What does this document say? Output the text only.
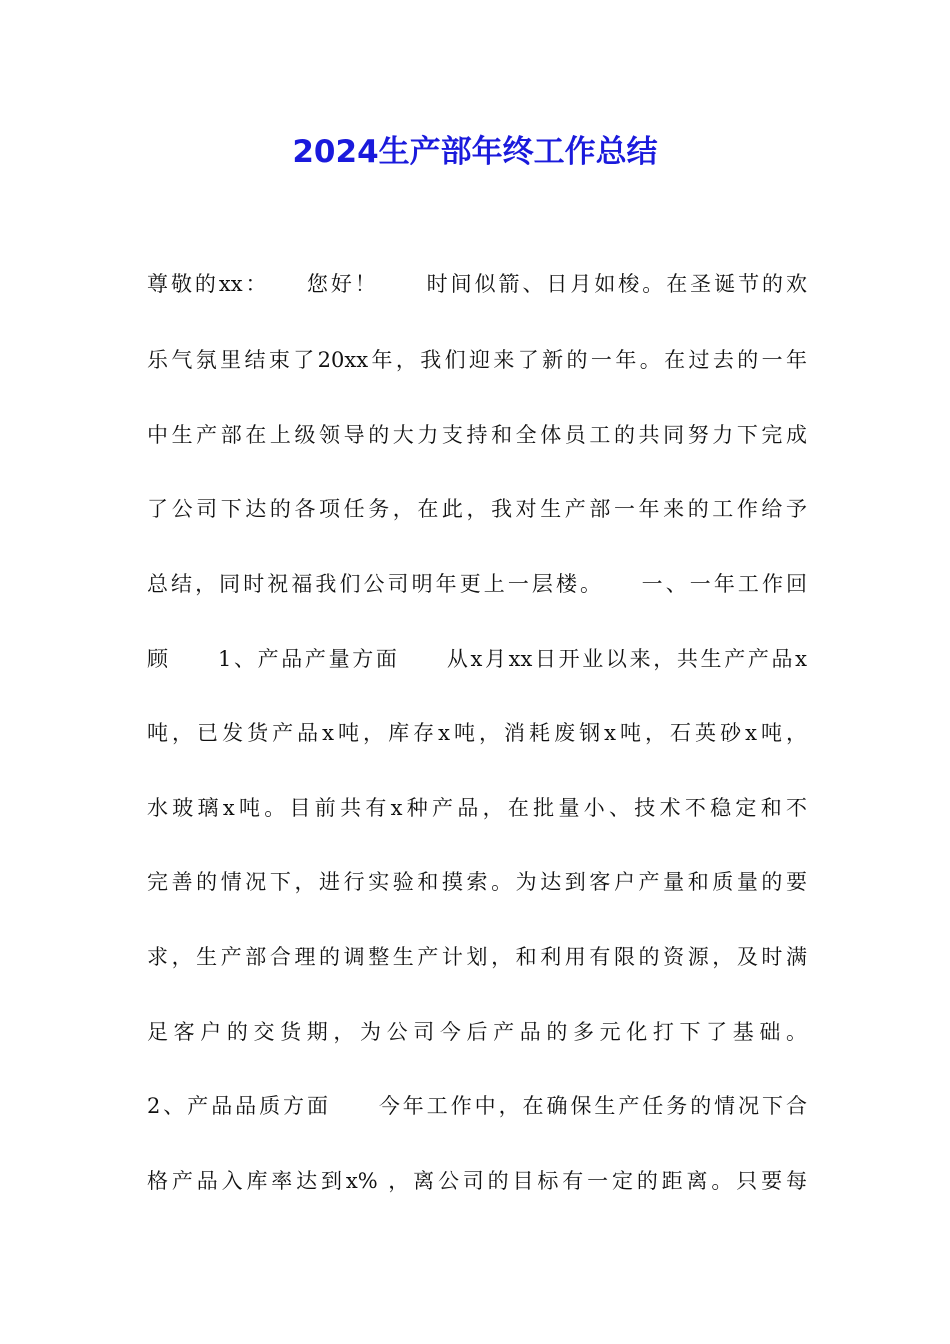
2024生产部年终工作总结
尊敬的xx：　　您好！　　时间似箭、日月如梭。在圣诞节的欢
乐气氛里结束了20xx年，我们迎来了新的一年。在过去的一年
中生产部在上级领导的大力支持和全体员工的共同努力下完成
了公司下达的各项任务，在此，我对生产部一年来的工作给予
总结，同时祝福我们公司明年更上一层楼。　　一、一年工作回
顾　　1、产品产量方面　　从x月xx日开业以来，共生产产品x
吨，已发货产品x吨，库存x吨，消耗废钢x吨，石英砂x吨，
水玻璃x吨。目前共有x种产品，在批量小、技术不稳定和不
完善的情况下，进行实验和摸索。为达到客户产量和质量的要
求，生产部合理的调整生产计划，和利用有限的资源，及时满
足客户的交货期，为公司今后产品的多元化打下了基础。
2、产品品质方面　　今年工作中，在确保生产任务的情况下合
格产品入库率达到x% ，离公司的目标有一定的距离。只要每
